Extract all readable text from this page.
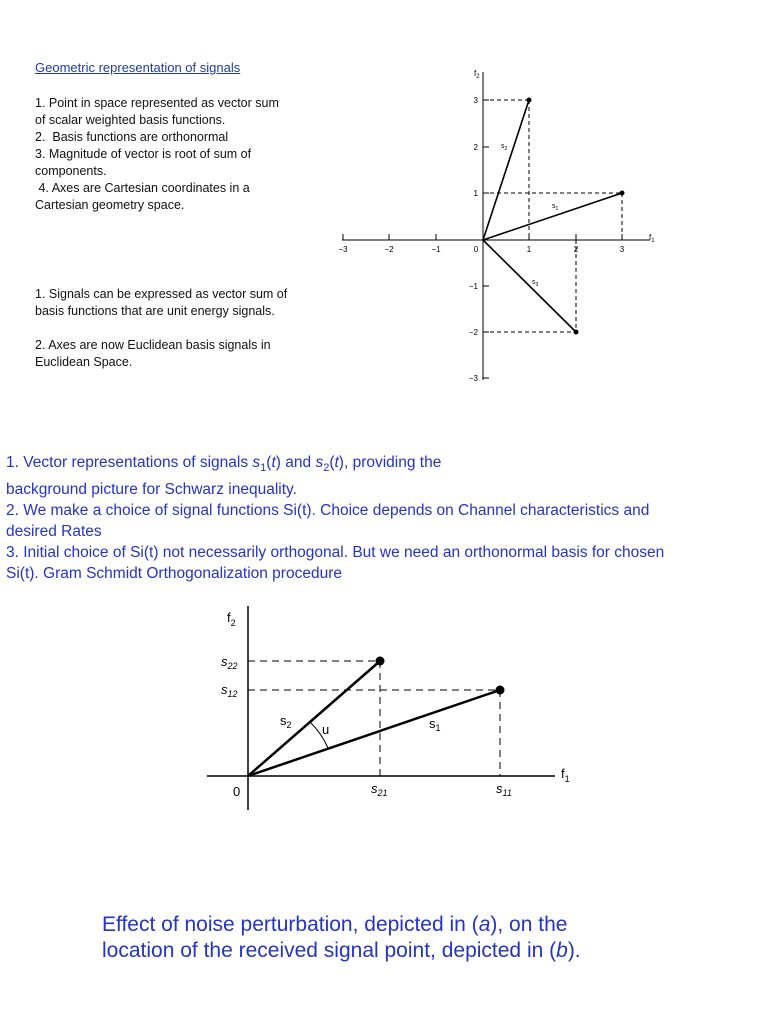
Geometric representation of signals
1. Point in space represented as vector sum
of scalar weighted basis functions.
2.  Basis functions are orthonormal
3. Magnitude of vector is root of sum of
components.
4. Axes are Cartesian coordinates in a
Cartesian geometry space.
1. Signals can be expressed as vector sum of
basis functions that are unit energy signals.
2. Axes are now Euclidean basis signals in
Euclidean Space.
−3	−2	−1	0	1	2	3
3
2
1
−1
−2
−3
$f_2$
$f_1$
$s_2$
$s_1$
$s_3$
1. Vector representations of signals $s_1(t)$ and $s_2(t)$, providing the
background picture for Schwarz inequality.
2. We make a choice of signal functions Si(t). Choice depends on Channel characteristics and
desired Rates
3. Initial choice of Si(t) not necessarily orthogonal. But we need an orthonormal basis for chosen
Si(t). Gram Schmidt Orthogonalization procedure
$f_2$
$f_1$
0
$s_{22}$
$s_{12}$
$s_{21}$	$s_{11}$
$s_2$	$s_1$
u
Effect of noise perturbation, depicted in (a), on the
location of the received signal point, depicted in (b).
